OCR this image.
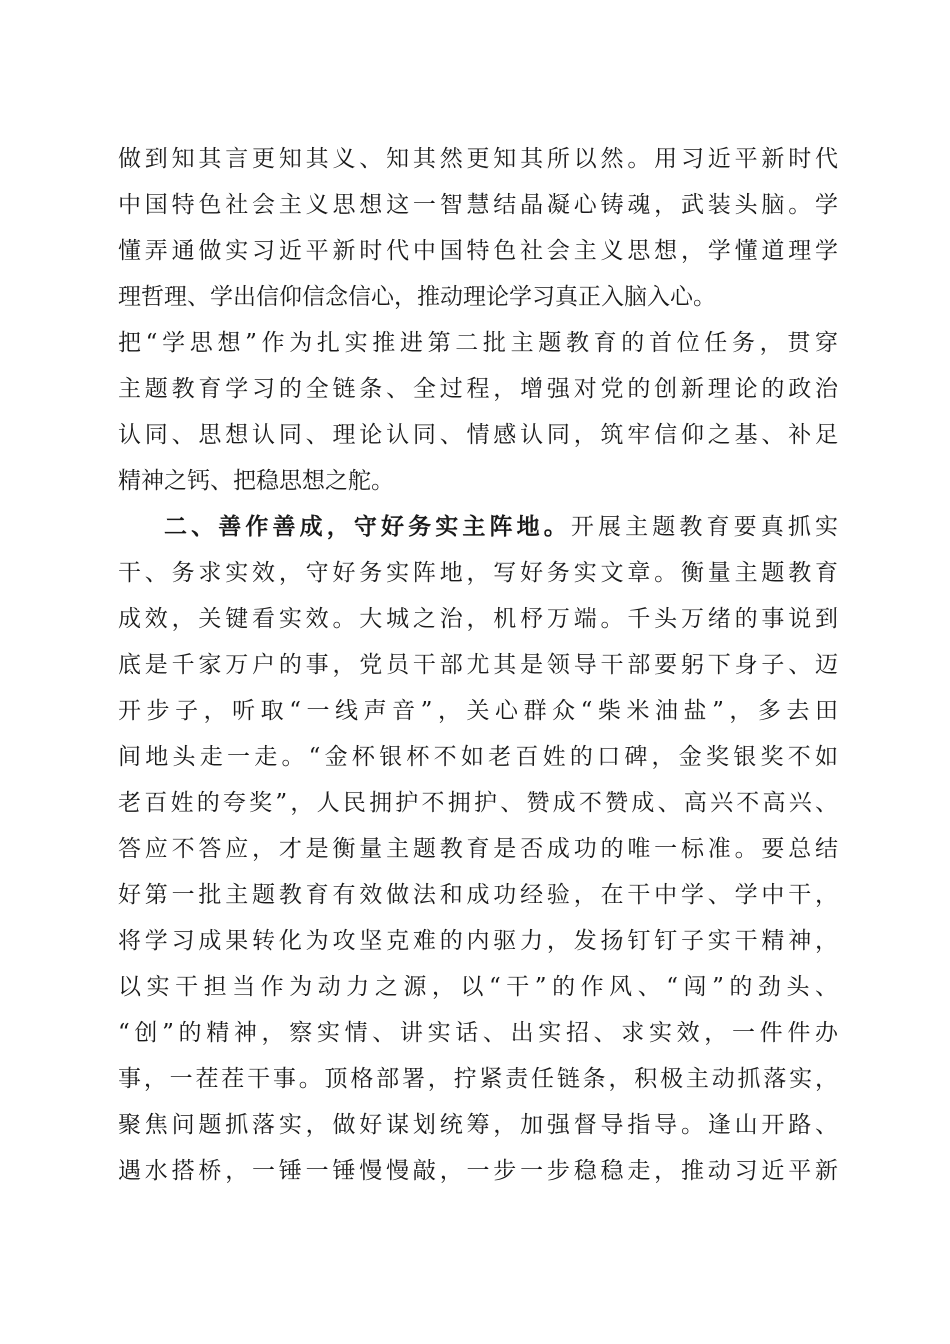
做到知其言更知其义、知其然更知其所以然。用习近平新时代
中国特色社会主义思想这一智慧结晶凝心铸魂，武装头脑。学
懂弄通做实习近平新时代中国特色社会主义思想，学懂道理学
理哲理、学出信仰信念信心，推动理论学习真正入脑入心。
把“学思想”作为扎实推进第二批主题教育的首位任务，贯穿
主题教育学习的全链条、全过程，增强对党的创新理论的政治
认同、思想认同、理论认同、情感认同，筑牢信仰之基、补足
精神之钙、把稳思想之舵。
二、善作善成，守好务实主阵地。开展主题教育要真抓实
干、务求实效，守好务实阵地，写好务实文章。衡量主题教育
成效，关键看实效。大城之治，机杼万端。千头万绪的事说到
底是千家万户的事，党员干部尤其是领导干部要躬下身子、迈
开步子，听取“一线声音”，关心群众“柴米油盐”，多去田
间地头走一走。“金杯银杯不如老百姓的口碑，金奖银奖不如
老百姓的夸奖”，人民拥护不拥护、赞成不赞成、高兴不高兴、
答应不答应，才是衡量主题教育是否成功的唯一标准。要总结
好第一批主题教育有效做法和成功经验，在干中学、学中干，
将学习成果转化为攻坚克难的内驱力，发扬钉钉子实干精神，
以实干担当作为动力之源，以“干”的作风、“闯”的劲头、
“创”的精神，察实情、讲实话、出实招、求实效，一件件办
事，一茬茬干事。顶格部署，拧紧责任链条，积极主动抓落实，
聚焦问题抓落实，做好谋划统筹，加强督导指导。逢山开路、
遇水搭桥，一锤一锤慢慢敲，一步一步稳稳走，推动习近平新
